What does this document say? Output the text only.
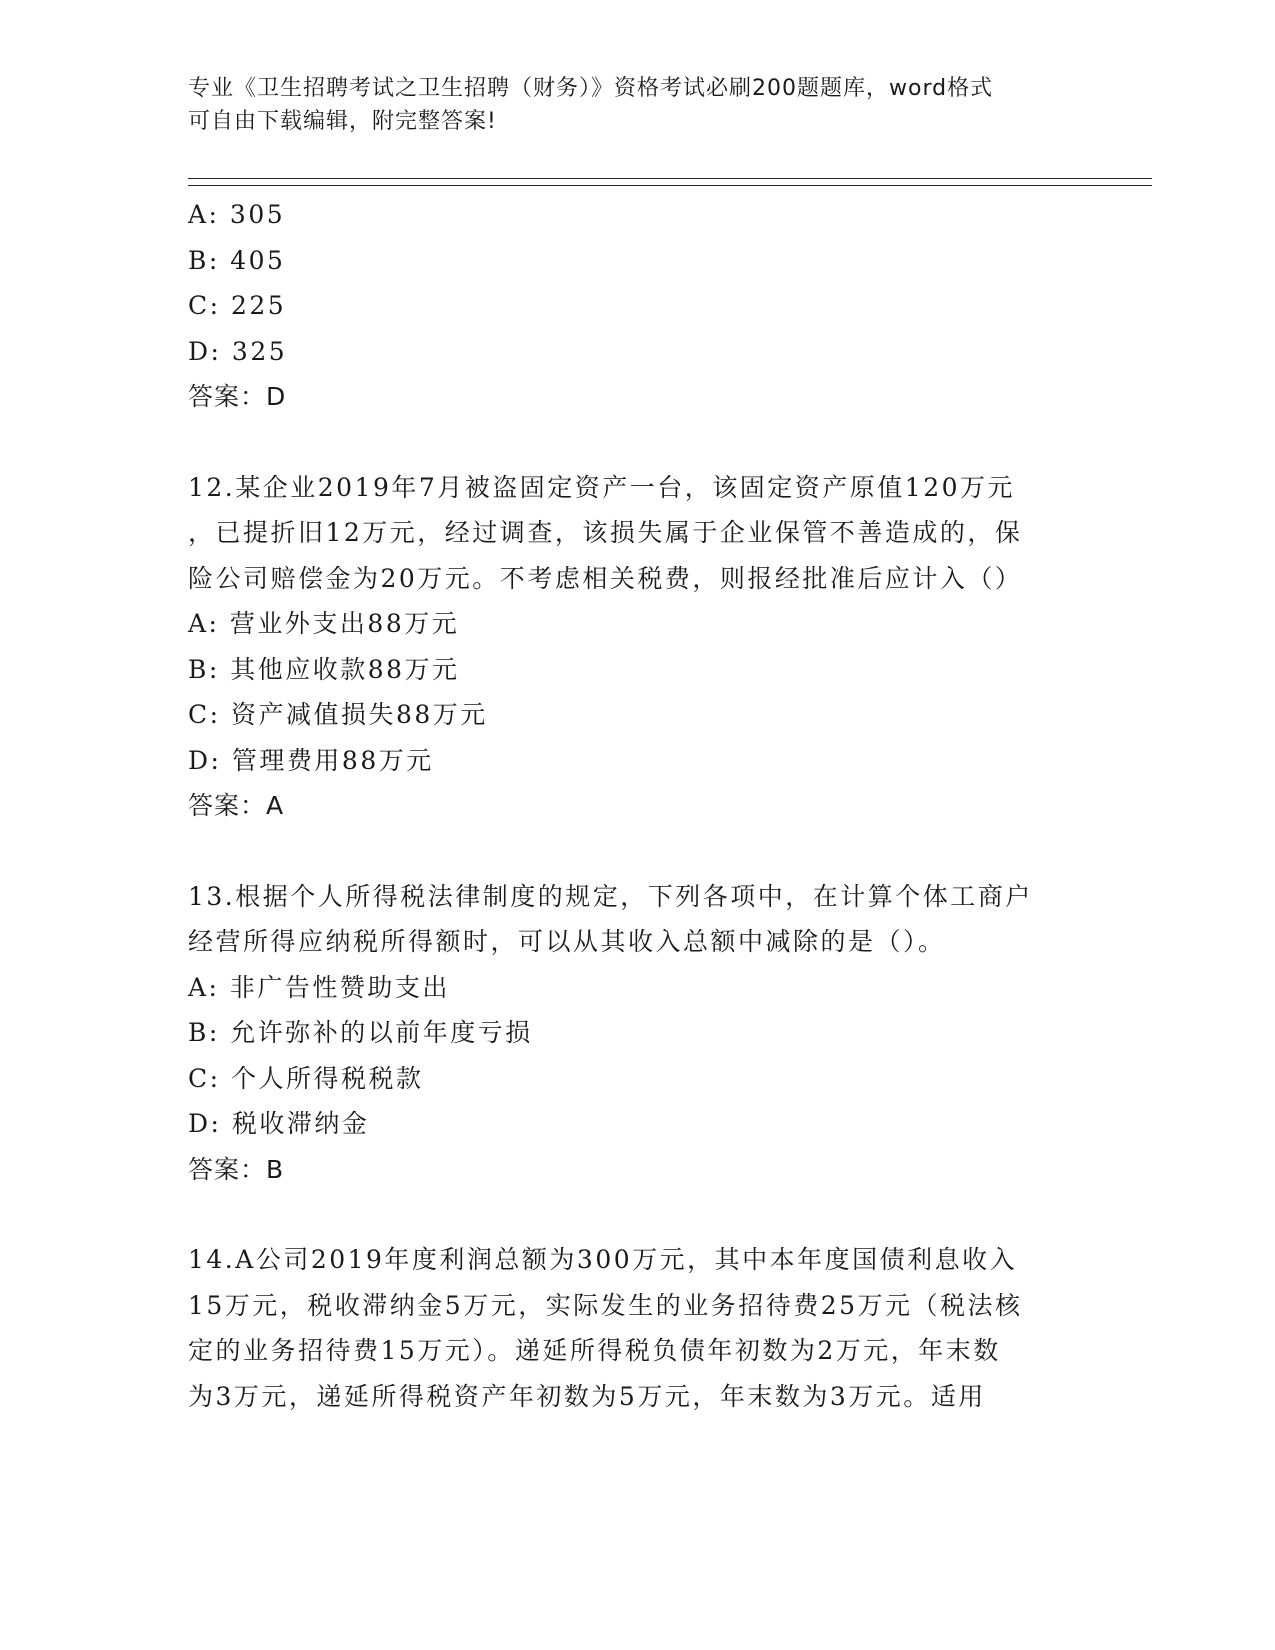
专业《卫生招聘考试之卫生招聘（财务）》资格考试必刷200题题库，word格式
可自由下载编辑，附完整答案!
A: 305
B: 405
C: 225
D: 325
答案：D
12.某企业2019年7月被盗固定资产一台，该固定资产原值120万元
，已提折旧12万元，经过调查，该损失属于企业保管不善造成的，保
险公司赔偿金为20万元。不考虑相关税费，则报经批准后应计入（）
A: 营业外支出88万元
B: 其他应收款88万元
C: 资产减值损失88万元
D: 管理费用88万元
答案：A
13.根据个人所得税法律制度的规定，下列各项中，在计算个体工商户
经营所得应纳税所得额时，可以从其收入总额中减除的是（）。
A: 非广告性赞助支出
B: 允许弥补的以前年度亏损
C: 个人所得税税款
D: 税收滞纳金
答案：B
14.A公司2019年度利润总额为300万元，其中本年度国债利息收入
15万元，税收滞纳金5万元，实际发生的业务招待费25万元（税法核
定的业务招待费15万元）。递延所得税负债年初数为2万元，年末数
为3万元，递延所得税资产年初数为5万元，年末数为3万元。适用
